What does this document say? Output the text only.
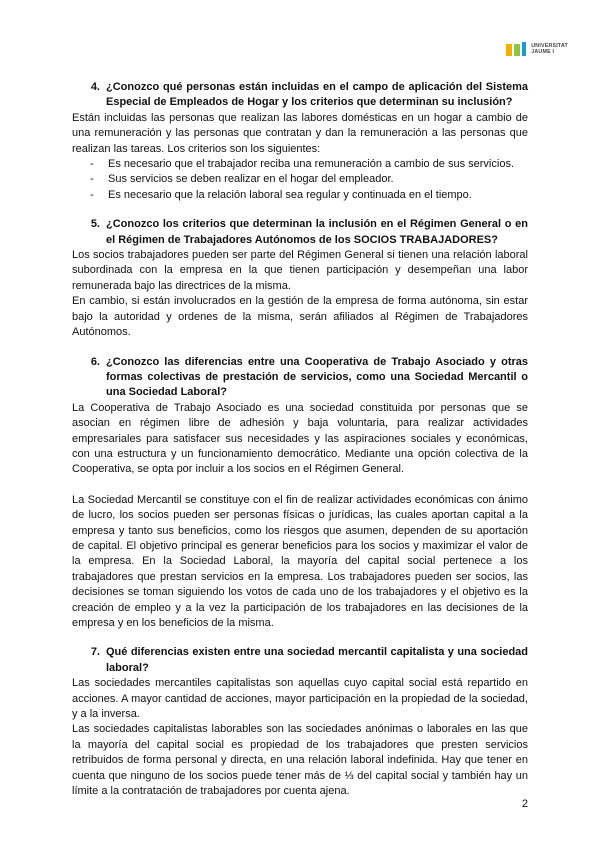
UNIVERSITAT
JAUME I
4. ¿Conozco qué personas están incluidas en el campo de aplicación del Sistema Especial de Empleados de Hogar y los criterios que determinan su inclusión?

Están incluidas las personas que realizan las labores domésticas en un hogar a cambio de una remuneración y las personas que contratan y dan la remuneración a las personas que realizan las tareas. Los criterios son los siguientes:

-	Es necesario que el trabajador reciba una remuneración a cambio de sus servicios.
-	Sus servicios se deben realizar en el hogar del empleador.
-	Es necesario que la relación laboral sea regular y continuada en el tiempo.
5. ¿Conozco los criterios que determinan la inclusión en el Régimen General o en el Régimen de Trabajadores Autónomos de los SOCIOS TRABAJADORES?

Los socios trabajadores pueden ser parte del Régimen General si tienen una relación laboral subordinada con la empresa en la que tienen participación y desempeñan una labor remunerada bajo las directrices de la misma.

En cambio, si están involucrados en la gestión de la empresa de forma autónoma, sin estar bajo la autoridad y ordenes de la misma, serán afiliados al Régimen de Trabajadores Autónomos.

6. ¿Conozco las diferencias entre una Cooperativa de Trabajo Asociado y otras formas colectivas de prestación de servicios, como una Sociedad Mercantil o una Sociedad Laboral?

La Cooperativa de Trabajo Asociado es una sociedad constituida por personas que se asocian en régimen libre de adhesión y baja voluntaria, para realizar actividades empresariales para satisfacer sus necesidades y las aspiraciones sociales y económicas, con una estructura y un funcionamiento democrático. Mediante una opción colectiva de la Cooperativa, se opta por incluir a los socios en el Régimen General.

La Sociedad Mercantil se constituye con el fin de realizar actividades económicas con ánimo de lucro, los socios pueden ser personas físicas o jurídicas, las cuales aportan capital a la empresa y tanto sus beneficios, como los riesgos que asumen, dependen de su aportación de capital. El objetivo principal es generar beneficios para los socios y maximizar el valor de la empresa. En la Sociedad Laboral, la mayoría del capital social pertenece a los trabajadores que prestan servicios en la empresa. Los trabajadores pueden ser socios, las decisiones se toman siguiendo los votos de cada uno de los trabajadores y el objetivo es la creación de empleo y a la vez la participación de los trabajadores en las decisiones de la empresa y en los beneficios de la misma.

7. Qué diferencias existen entre una sociedad mercantil capitalista y una sociedad laboral?

Las sociedades mercantiles capitalistas son aquellas cuyo capital social está repartido en acciones. A mayor cantidad de acciones, mayor participación en la propiedad de la sociedad, y a la inversa.

Las sociedades capitalistas laborables son las sociedades anónimas o laborales en las que la mayoría del capital social es propiedad de los trabajadores que presten servicios retribuidos de forma personal y directa, en una relación laboral indefinida. Hay que tener en cuenta que ninguno de los socios puede tener más de ⅓ del capital social y también hay un límite a la contratación de trabajadores por cuenta ajena.

2
